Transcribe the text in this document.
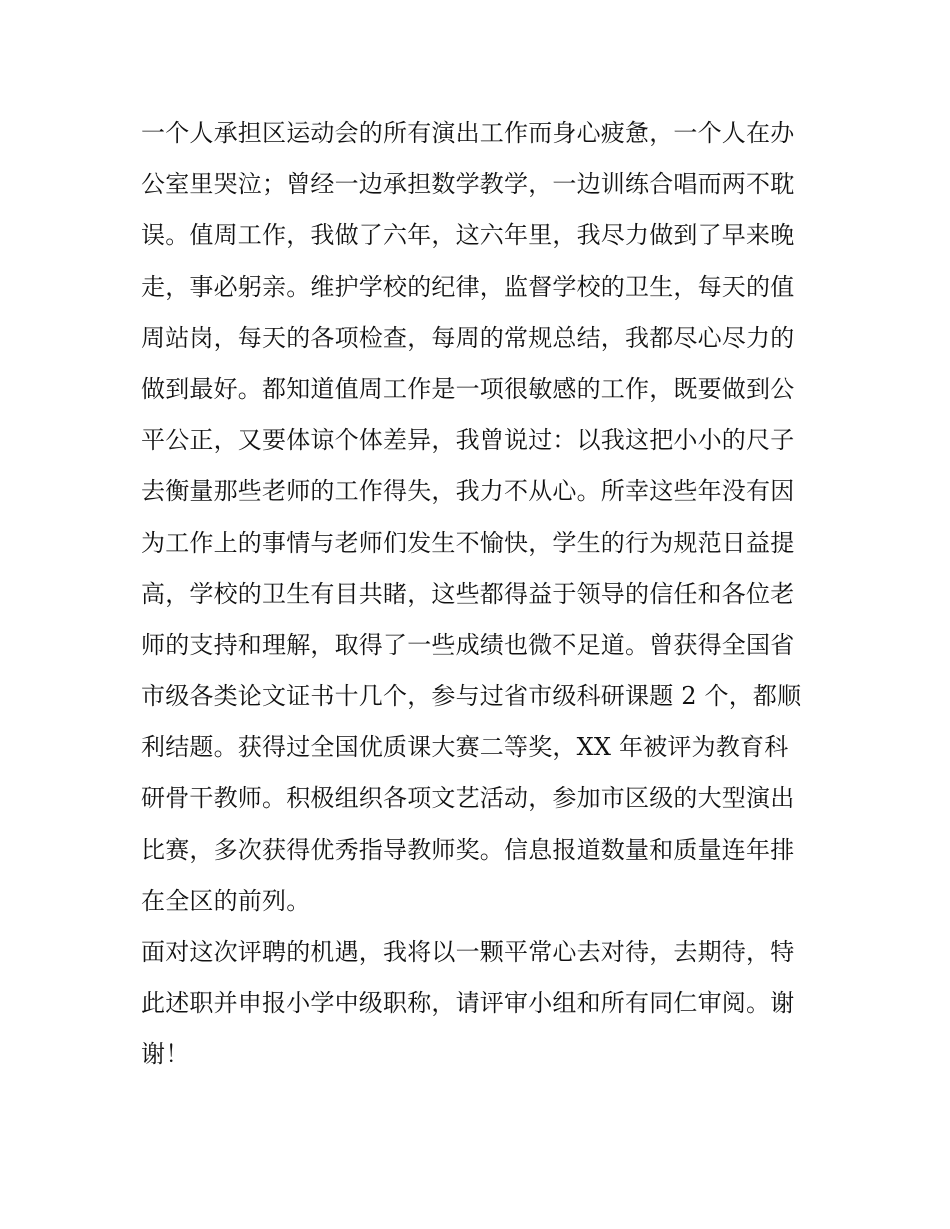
一个人承担区运动会的所有演出工作而身心疲惫，一个人在办
公室里哭泣；曾经一边承担数学教学，一边训练合唱而两不耽
误。值周工作，我做了六年，这六年里，我尽力做到了早来晚
走，事必躬亲。维护学校的纪律，监督学校的卫生，每天的值
周站岗，每天的各项检查，每周的常规总结，我都尽心尽力的
做到最好。都知道值周工作是一项很敏感的工作，既要做到公
平公正，又要体谅个体差异，我曾说过：以我这把小小的尺子
去衡量那些老师的工作得失，我力不从心。所幸这些年没有因
为工作上的事情与老师们发生不愉快，学生的行为规范日益提
高，学校的卫生有目共睹，这些都得益于领导的信任和各位老
师的支持和理解，取得了一些成绩也微不足道。曾获得全国省
市级各类论文证书十几个，参与过省市级科研课题 2 个，都顺
利结题。获得过全国优质课大赛二等奖，XX 年被评为教育科
研骨干教师。积极组织各项文艺活动，参加市区级的大型演出
比赛，多次获得优秀指导教师奖。信息报道数量和质量连年排
在全区的前列。
面对这次评聘的机遇，我将以一颗平常心去对待，去期待，特
此述职并申报小学中级职称，请评审小组和所有同仁审阅。谢
谢！
